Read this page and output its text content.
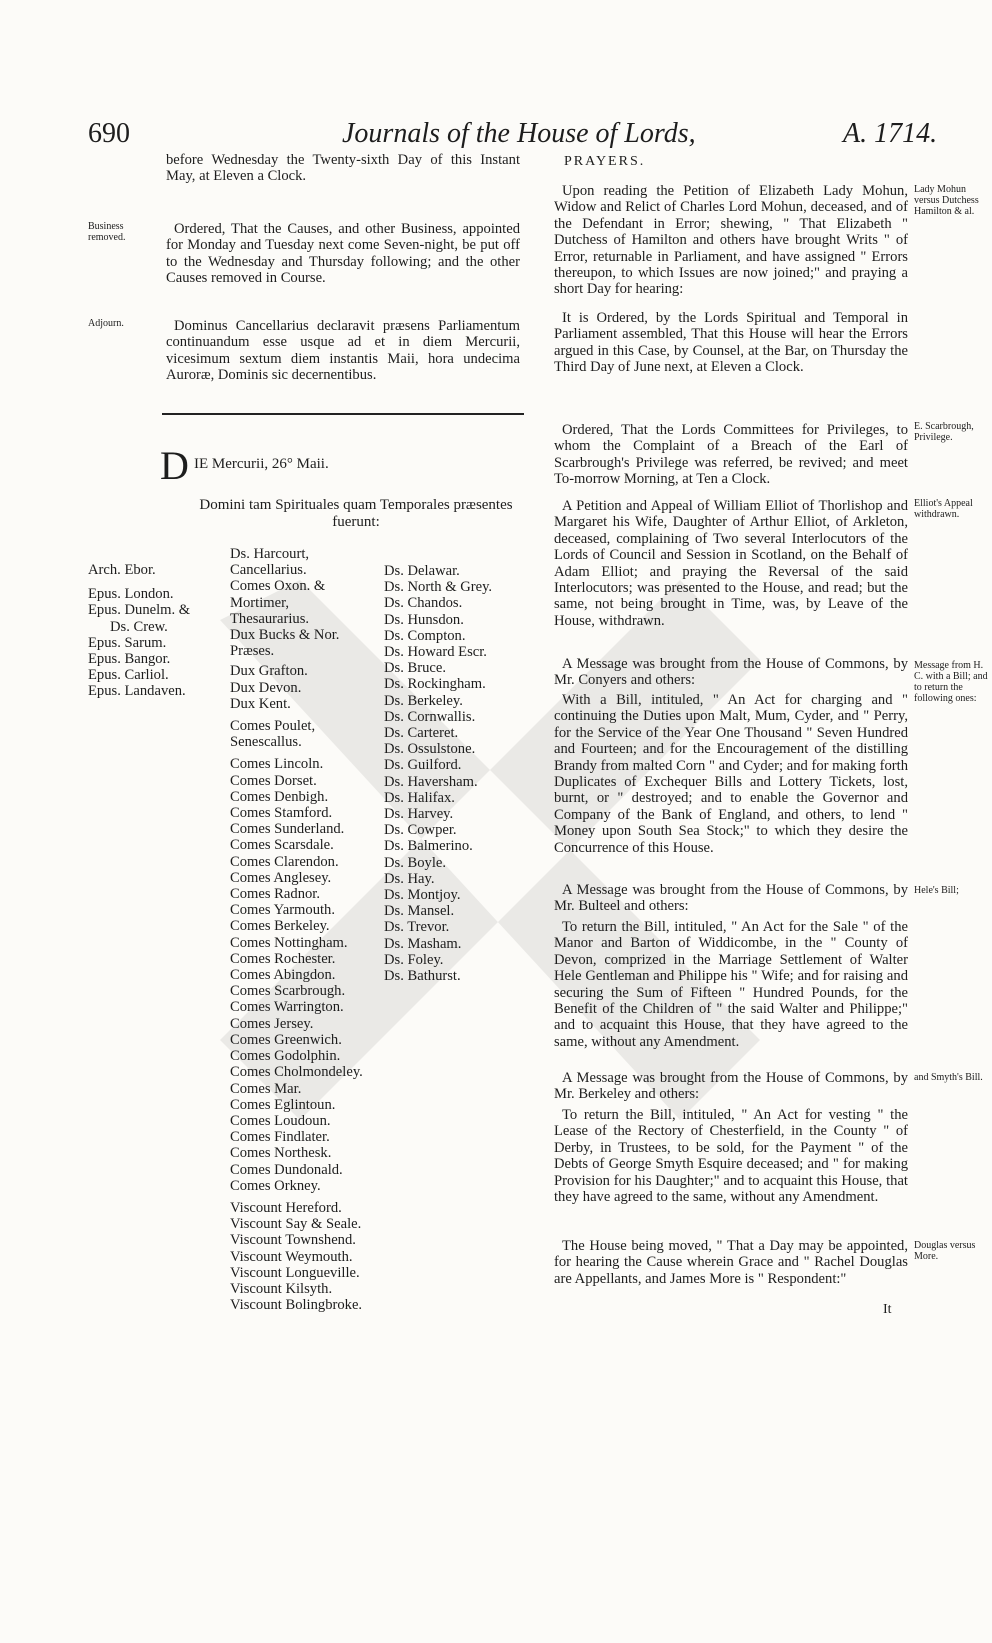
690	Journals of the House of Lords,	A. 1714.

before Wednesday the Twenty-sixth Day of this Instant May, at Eleven a Clock.

Business removed.

Ordered, That the Causes, and other Business, appointed for Monday and Tuesday next come Seven-night, be put off to the Wednesday and Thursday following; and the other Causes removed in Course.

Adjourn.	Dominus Cancellarius declaravit præsens Parliamentum continuandum esse usque ad et in diem Mercurii, vicesimum sextum diem instantis Maii, hora undecima Auroræ, Dominis sic decernentibus.

D IE Mercurii, 26° Maii.
Domini tam Spirituales quam Temporales præsentes fuerunt:
Arch. Ebor.
Epus. London.
Epus. Dunelm. &
Ds. Crew.
Epus. Sarum.
Epus. Bangor.
Epus. Carliol.
Epus. Landaven.
Ds. Harcourt, Cancellarius.
Comes Oxon. & Mortimer, Thesaurarius.
Dux Bucks & Nor. Præses.
Dux Grafton.
Dux Devon.
Dux Kent.
Comes Poulet, Senescallus.
Comes Lincoln.
Comes Dorset.
Comes Denbigh.
Comes Stamford.
Comes Sunderland.
Comes Scarsdale.
Comes Clarendon.
Comes Anglesey.
Comes Radnor.
Comes Yarmouth.
Comes Berkeley.
Comes Nottingham.
Comes Rochester.
Comes Abingdon.
Comes Scarbrough.
Comes Warrington.
Comes Jersey.
Comes Greenwich.
Comes Godolphin.
Comes Cholmondeley.
Comes Mar.
Comes Eglintoun.
Comes Loudoun.
Comes Findlater.
Comes Northesk.
Comes Dundonald.
Comes Orkney.
Viscount Hereford.
Viscount Say & Seale.
Viscount Townshend.
Viscount Weymouth.
Viscount Longueville.
Viscount Kilsyth.
Viscount Bolingbroke.
Ds. Delawar.
Ds. North & Grey.
Ds. Chandos.
Ds. Hunsdon.
Ds. Compton.
Ds. Howard Escr.
Ds. Bruce.
Ds. Rockingham.
Ds. Berkeley.
Ds. Cornwallis.
Ds. Carteret.
Ds. Ossulstone.
Ds. Guilford.
Ds. Haversham.
Ds. Halifax.
Ds. Harvey.
Ds. Cowper.
Ds. Balmerino.
Ds. Boyle.
Ds. Hay.
Ds. Montjoy.
Ds. Mansel.
Ds. Trevor.
Ds. Masham.
Ds. Foley.
Ds. Bathurst.
PRAYERS.

Upon reading the Petition of Elizabeth Lady Mohun, Widow and Relict of Charles Lord Mohun, deceased, and of the Defendant in Error; shewing, " That Elizabeth " Dutchess of Hamilton and others have brought Writs " of Error, returnable in Parliament, and have assigned " Errors thereupon, to which Issues are now joined;" and praying a short Day for hearing:

Lady Mohun versus Dutchess Hamilton & al.

It is Ordered, by the Lords Spiritual and Temporal in Parliament assembled, That this House will hear the Errors argued in this Case, by Counsel, at the Bar, on Thursday the Third Day of June next, at Eleven a Clock.

Ordered, That the Lords Committees for Privileges, to whom the Complaint of a Breach of the Earl of Scarbrough's Privilege was referred, be revived; and meet To-morrow Morning, at Ten a Clock.

E. Scarbrough, Privilege.

A Petition and Appeal of William Elliot of Thorlishop and Margaret his Wife, Daughter of Arthur Elliot, of Arkleton, deceased, complaining of Two several Interlocutors of the Lords of Council and Session in Scotland, on the Behalf of Adam Elliot; and praying the Reversal of the said Interlocutors; was presented to the House, and read; but the same, not being brought in Time, was, by Leave of the House, withdrawn.

Elliot's Appeal withdrawn.

A Message was brought from the House of Commons, by Mr. Conyers and others:

Message from H. C. with a Bill; and to return the following ones:

With a Bill, intituled, " An Act for charging and " continuing the Duties upon Malt, Mum, Cyder, and " Perry, for the Service of the Year One Thousand " Seven Hundred and Fourteen; and for the Encouragement of the distilling Brandy from malted Corn " and Cyder; and for making forth Duplicates of Exchequer Bills and Lottery Tickets, lost, burnt, or " destroyed; and to enable the Governor and Company of the Bank of England, and others, to lend " Money upon South Sea Stock;" to which they desire the Concurrence of this House.

A Message was brought from the House of Commons, by Mr. Bulteel and others:

Hele's Bill;

To return the Bill, intituled, " An Act for the Sale " of the Manor and Barton of Widdicombe, in the " County of Devon, comprized in the Marriage Settlement of Walter Hele Gentleman and Philippe his " Wife; and for raising and securing the Sum of Fifteen " Hundred Pounds, for the Benefit of the Children of " the said Walter and Philippe;" and to acquaint this House, that they have agreed to the same, without any Amendment.

A Message was brought from the House of Commons, by Mr. Berkeley and others:

and Smyth's Bill.

To return the Bill, intituled, " An Act for vesting " the Lease of the Rectory of Chesterfield, in the County " of Derby, in Trustees, to be sold, for the Payment " of the Debts of George Smyth Esquire deceased; and " for making Provision for his Daughter;" and to acquaint this House, that they have agreed to the same, without any Amendment.

The House being moved, " That a Day may be appointed, for hearing the Cause wherein Grace and " Rachel Douglas are Appellants, and James More is " Respondent:"

Douglas versus More.
It
